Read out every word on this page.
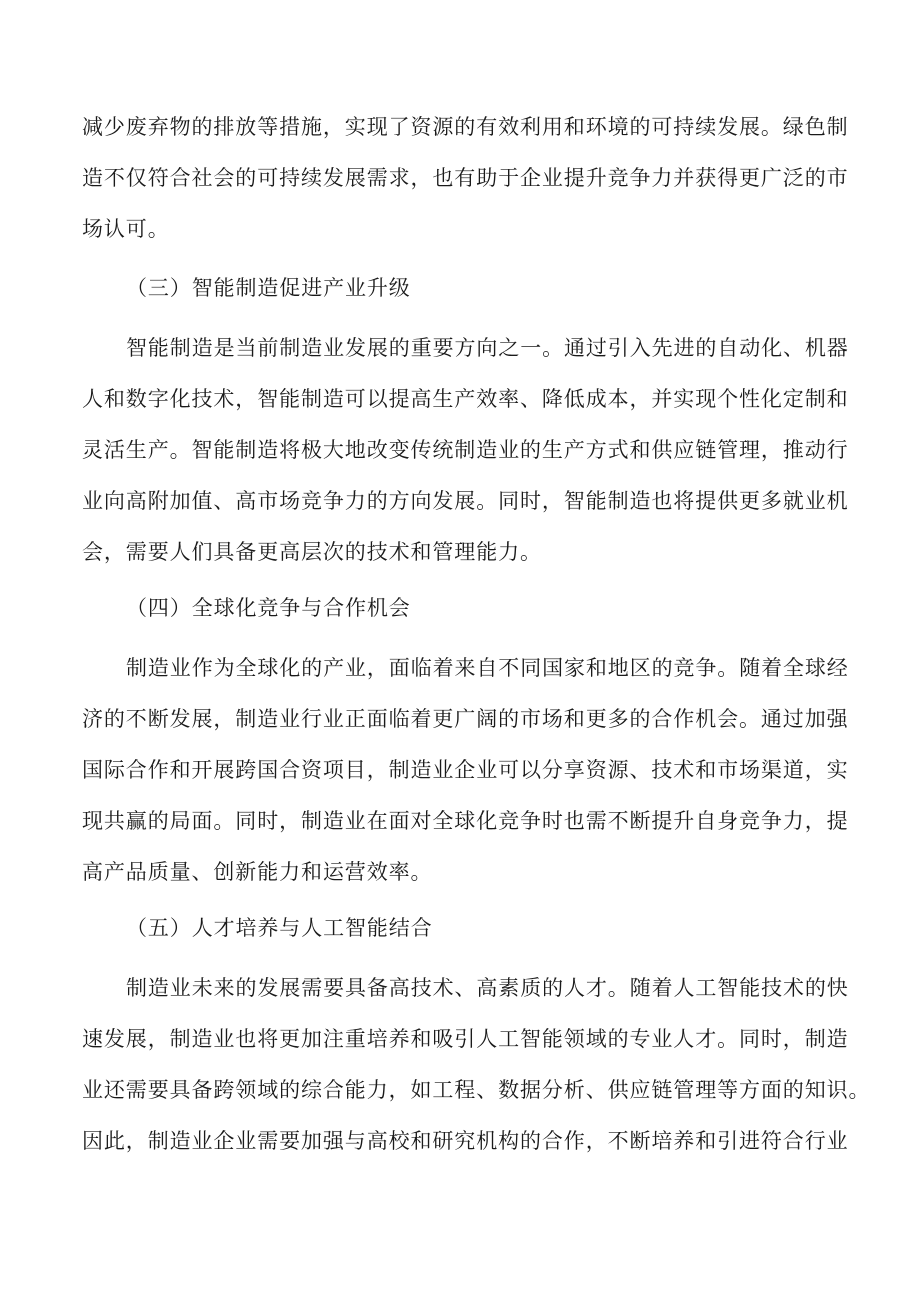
减少废弃物的排放等措施，实现了资源的有效利用和环境的可持续发展。绿色制
造不仅符合社会的可持续发展需求，也有助于企业提升竞争力并获得更广泛的市
场认可。
（三）智能制造促进产业升级
智能制造是当前制造业发展的重要方向之一。通过引入先进的自动化、机器
人和数字化技术，智能制造可以提高生产效率、降低成本，并实现个性化定制和
灵活生产。智能制造将极大地改变传统制造业的生产方式和供应链管理，推动行
业向高附加值、高市场竞争力的方向发展。同时，智能制造也将提供更多就业机
会，需要人们具备更高层次的技术和管理能力。
（四）全球化竞争与合作机会
制造业作为全球化的产业，面临着来自不同国家和地区的竞争。随着全球经
济的不断发展，制造业行业正面临着更广阔的市场和更多的合作机会。通过加强
国际合作和开展跨国合资项目，制造业企业可以分享资源、技术和市场渠道，实
现共赢的局面。同时，制造业在面对全球化竞争时也需不断提升自身竞争力，提
高产品质量、创新能力和运营效率。
（五）人才培养与人工智能结合
制造业未来的发展需要具备高技术、高素质的人才。随着人工智能技术的快
速发展，制造业也将更加注重培养和吸引人工智能领域的专业人才。同时，制造
业还需要具备跨领域的综合能力，如工程、数据分析、供应链管理等方面的知识。
因此，制造业企业需要加强与高校和研究机构的合作，不断培养和引进符合行业
